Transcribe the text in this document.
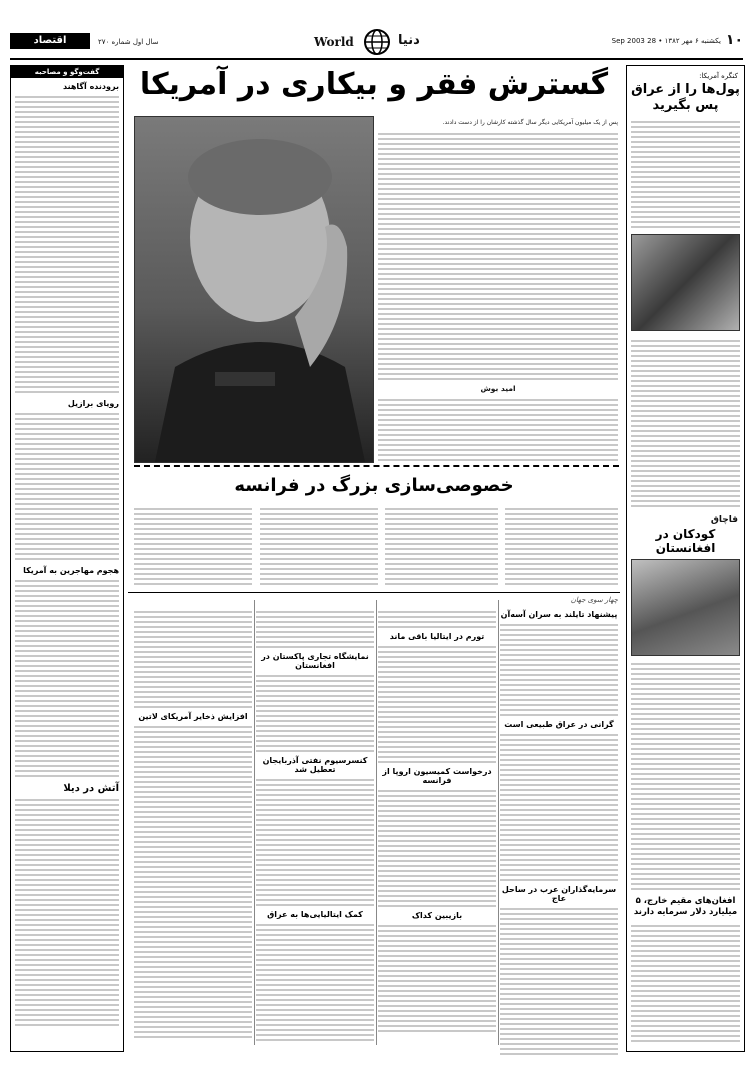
۱۰
یکشنبه ۶ مهر ۱۳۸۲ • 28 Sep 2003
دنیا
World
سال اول شماره ۲۷۰
اقتصاد
گفت‌وگو و مصاحبه
برودنده آگاهند
رویای برازیل
هجوم مهاجرین به آمریکا
آتش در دیلا
کنگره آمریکا:
پول‌ها را از عراق پس بگیرید
قاچاق
کودکان در افغانستان
افغان‌های مقیم خارج، ۵ میلیارد دلار سرمایه دارند
گسترش فقر و بیکاری در آمریکا
پس از یک میلیون آمریکایی دیگر سال گذشته کارشان را از دست دادند.
امید بوش
خصوصی‌سازی بزرگ در فرانسه
چهار سوی جهان
پیشنهاد تایلند به سران آسه‌آن
گرانی در عراق طبیعی است
سرمایه‌گذاران عرب در ساحل عاج
تورم در ایتالیا باقی ماند
درخواست کمیسیون اروپا از فرانسه
بازیبین کداک
نمایشگاه تجاری پاکستان در افغانستان
کنسرسیوم نفتی آذربایجان تعطیل شد
کمک ایتالیایی‌ها به عراق
افزایش ذخایر آمریکای لاتین
